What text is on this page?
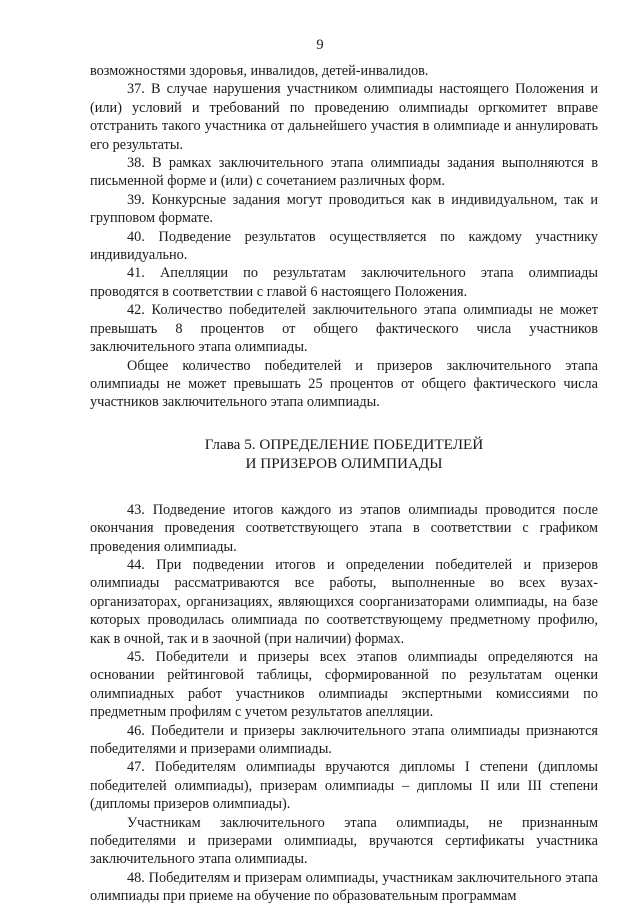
9

возможностями здоровья, инвалидов, детей-инвалидов.

37. В случае нарушения участником олимпиады настоящего Положения и (или) условий и требований по проведению олимпиады оргкомитет вправе отстранить такого участника от дальнейшего участия в олимпиаде и аннулировать его результаты.

38. В рамках заключительного этапа олимпиады задания выполняются в письменной форме и (или) с сочетанием различных форм.

39. Конкурсные задания могут проводиться как в индивидуальном, так и групповом формате.

40. Подведение результатов осуществляется по каждому участнику индивидуально.

41. Апелляции по результатам заключительного этапа олимпиады проводятся в соответствии с главой 6 настоящего Положения.

42. Количество победителей заключительного этапа олимпиады не может превышать 8 процентов от общего фактического числа участников заключительного этапа олимпиады.

Общее количество победителей и призеров заключительного этапа олимпиады не может превышать 25 процентов от общего фактического числа участников заключительного этапа олимпиады.

Глава 5. ОПРЕДЕЛЕНИЕ ПОБЕДИТЕЛЕЙ
И ПРИЗЕРОВ ОЛИМПИАДЫ

43. Подведение итогов каждого из этапов олимпиады проводится после окончания проведения соответствующего этапа в соответствии с графиком проведения олимпиады.

44. При подведении итогов и определении победителей и призеров олимпиады рассматриваются все работы, выполненные во всех вузах-организаторах, организациях, являющихся соорганизаторами олимпиады, на базе которых проводилась олимпиада по соответствующему предметному профилю, как в очной, так и в заочной (при наличии) формах.

45. Победители и призеры всех этапов олимпиады определяются на основании рейтинговой таблицы, сформированной по результатам оценки олимпиадных работ участников олимпиады экспертными комиссиями по предметным профилям с учетом результатов апелляции.

46. Победители и призеры заключительного этапа олимпиады признаются победителями и призерами олимпиады.

47. Победителям олимпиады вручаются дипломы I степени (дипломы победителей олимпиады), призерам олимпиады – дипломы II или III степени (дипломы призеров олимпиады).

Участникам заключительного этапа олимпиады, не признанным победителями и призерами олимпиады, вручаются сертификаты участника заключительного этапа олимпиады.

48. Победителям и призерам олимпиады, участникам заключительного этапа олимпиады при приеме на обучение по образовательным программам
